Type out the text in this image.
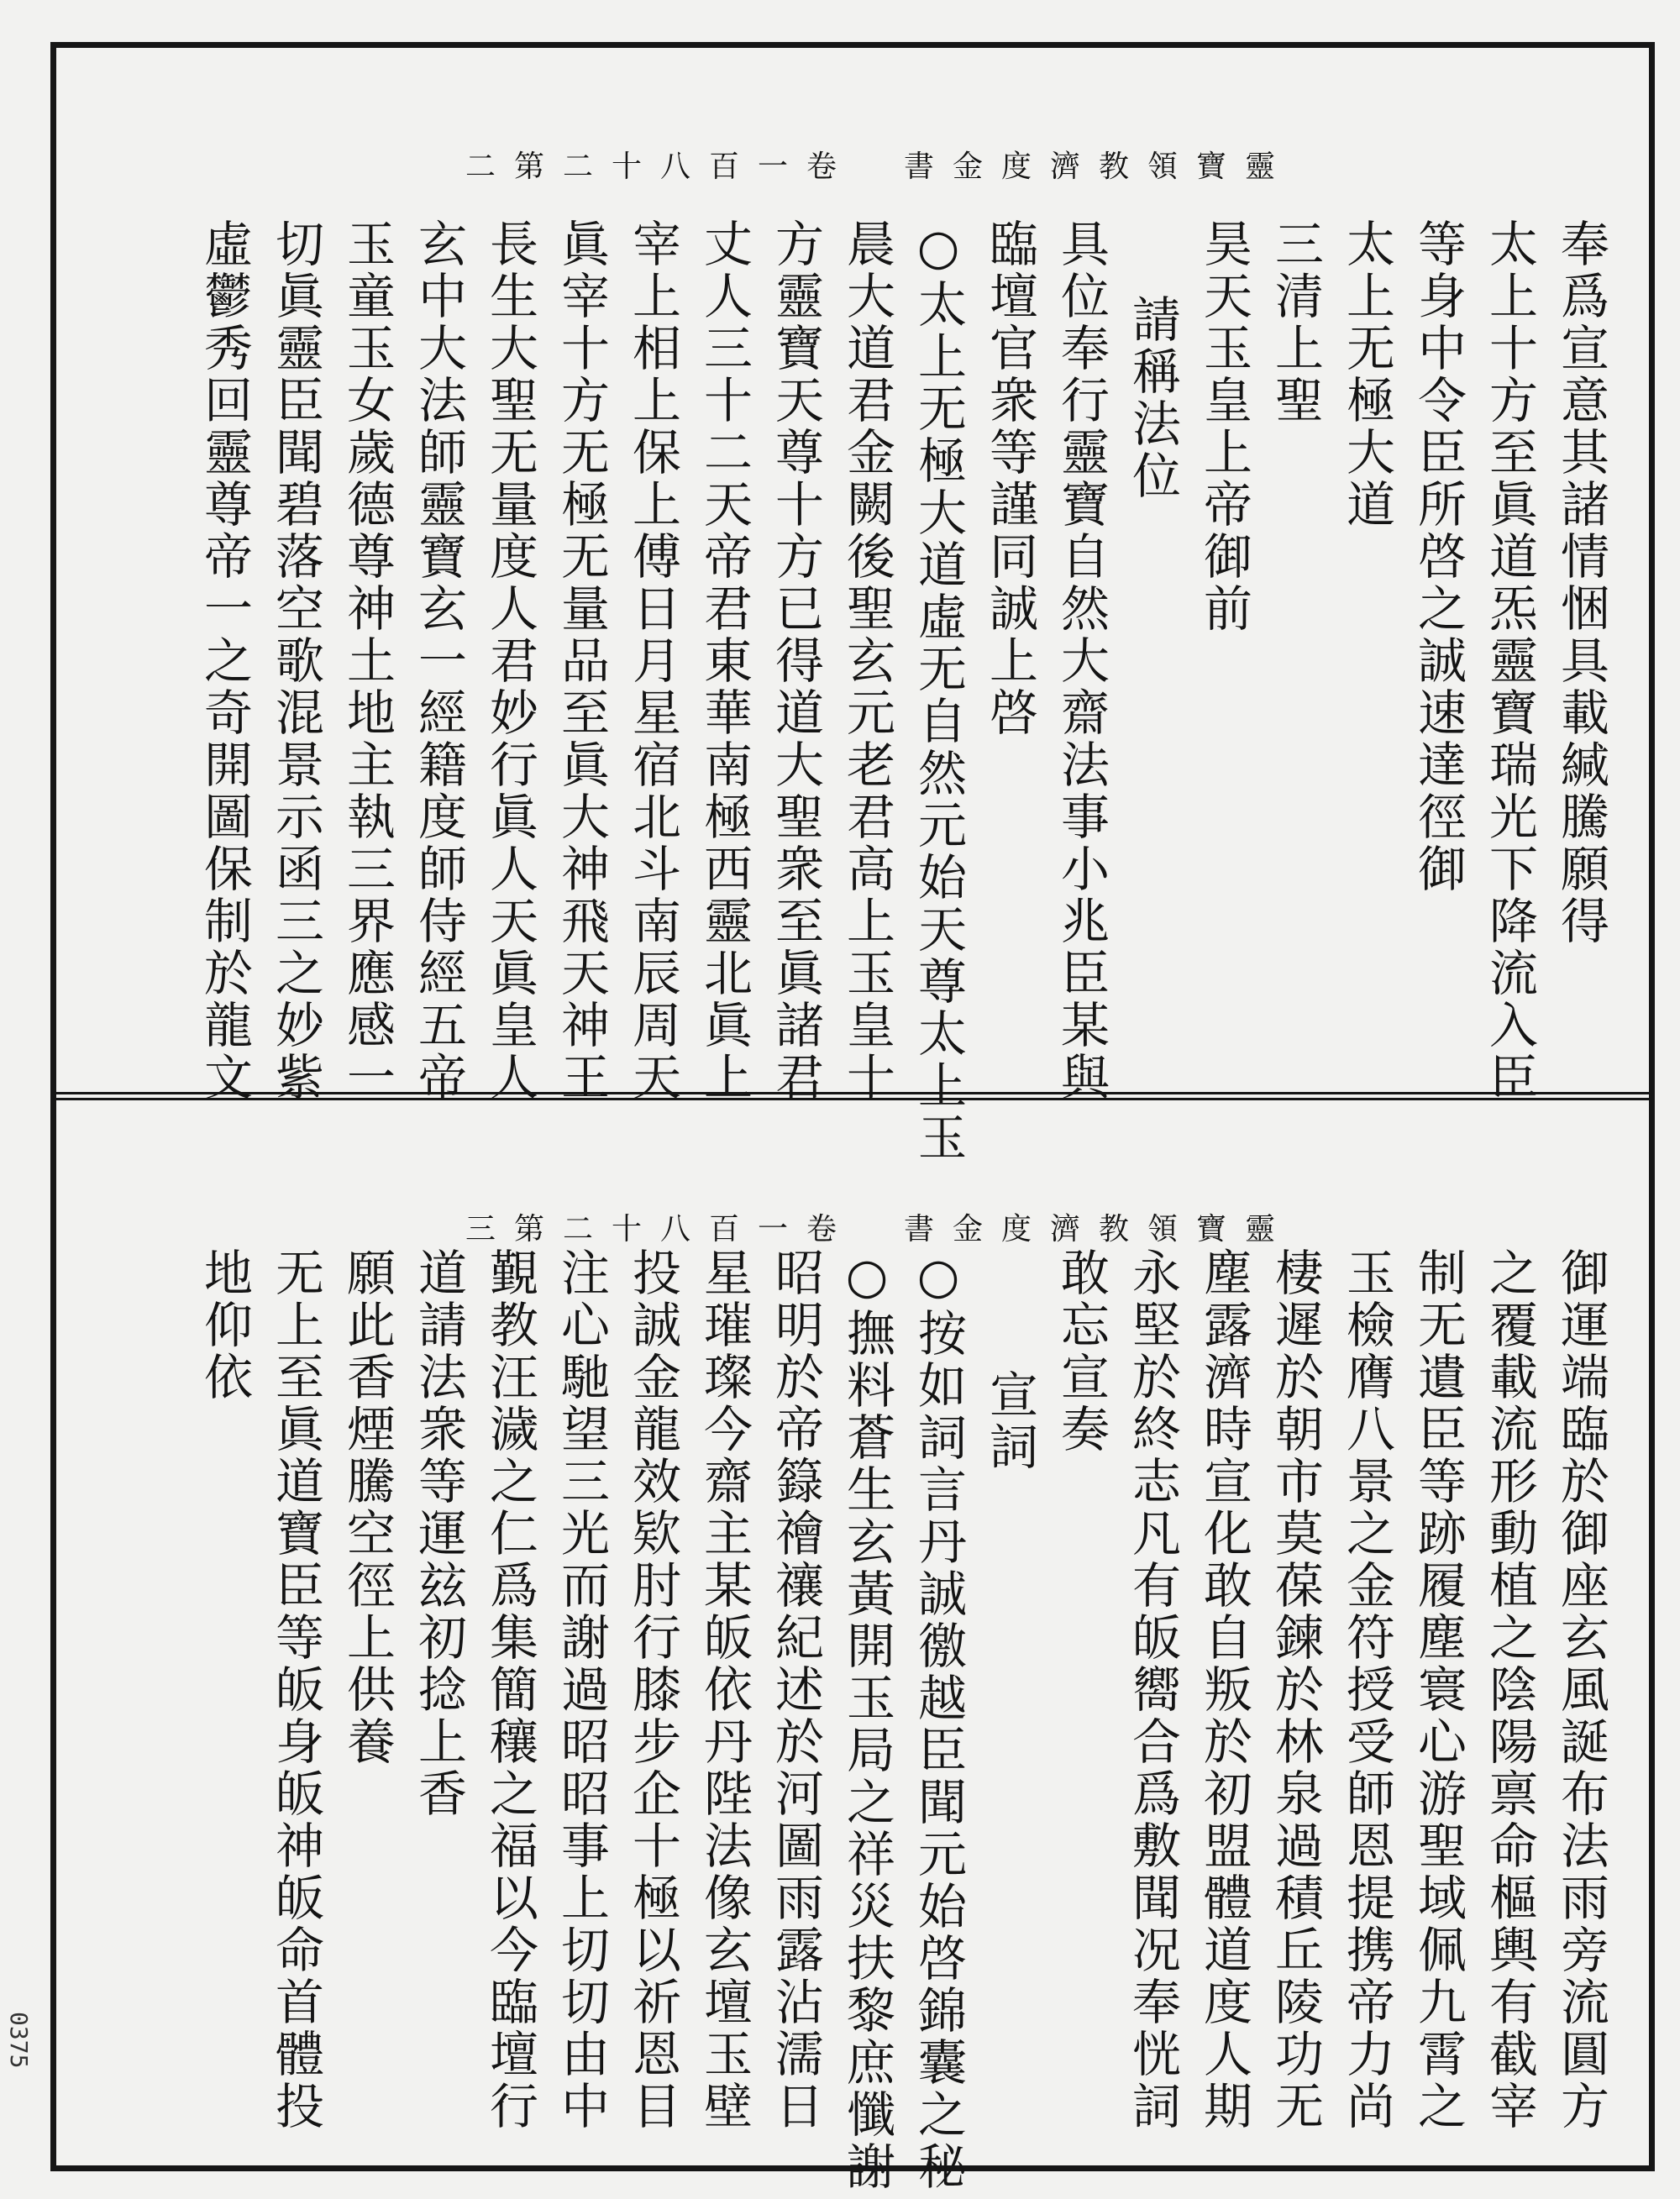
靈寶領教濟度金書　卷一百八十二第二
奉爲宣意其諸情悃具載緘騰願得
太上十方至眞道炁靈寶瑞光下降流入臣
等身中令臣所啓之誠速達徑御
太上无極大道
三清上聖
昊天玉皇上帝御前
請稱法位
具位奉行靈寶自然大齋法事小兆臣某與
臨壇官衆等謹同誠上啓
○太上无極大道虛无自然元始天尊太上玉
晨大道君金闕後聖玄元老君高上玉皇十
方靈寶天尊十方已得道大聖衆至眞諸君
丈人三十二天帝君東華南極西靈北眞上
宰上相上保上傅日月星宿北斗南辰周天
眞宰十方无極无量品至眞大神飛天神王
長生大聖无量度人君妙行眞人天眞皇人
玄中大法師靈寶玄一經籍度師侍經五帝
玉童玉女歲德尊神土地主執三界應感一
切眞靈臣聞碧落空歌混景示函三之妙紫
虛鬱秀回靈尊帝一之奇開圖保制於龍文
靈寶領教濟度金書　卷一百八十二第三
御運端臨於御座玄風誕布法雨旁流圓方
之覆載流形動植之陰陽禀命樞輿有截宰
制无遺臣等跡履塵寰心游聖域佩九霄之
玉檢膺八景之金符授受師恩提携帝力尚
棲遲於朝市莫葆鍊於林泉過積丘陵功无
塵露濟時宣化敢自叛於初盟體道度人期
永堅於終志凡有皈嚮合爲敷聞况奉恍詞
敢忘宣奏
宣詞
○按如詞言丹誠徼越臣聞元始啓錦囊之秘
○撫料蒼生玄黃開玉局之祥災扶黎庶懺謝
昭明於帝籙禬禳紀述於河圖雨露沾濡日
星璀璨今齋主某皈依丹陛法像玄壇玉壁
投誠金龍效欵肘行膝步企十極以祈恩目
注心馳望三光而謝過昭昭事上切切由中
覲教汪濊之仁爲集簡穰之福以今臨壇行
道請法衆等運玆初捻上香
願此香煙騰空徑上供養
无上至眞道寶臣等皈身皈神皈命首體投
地仰依
0375
